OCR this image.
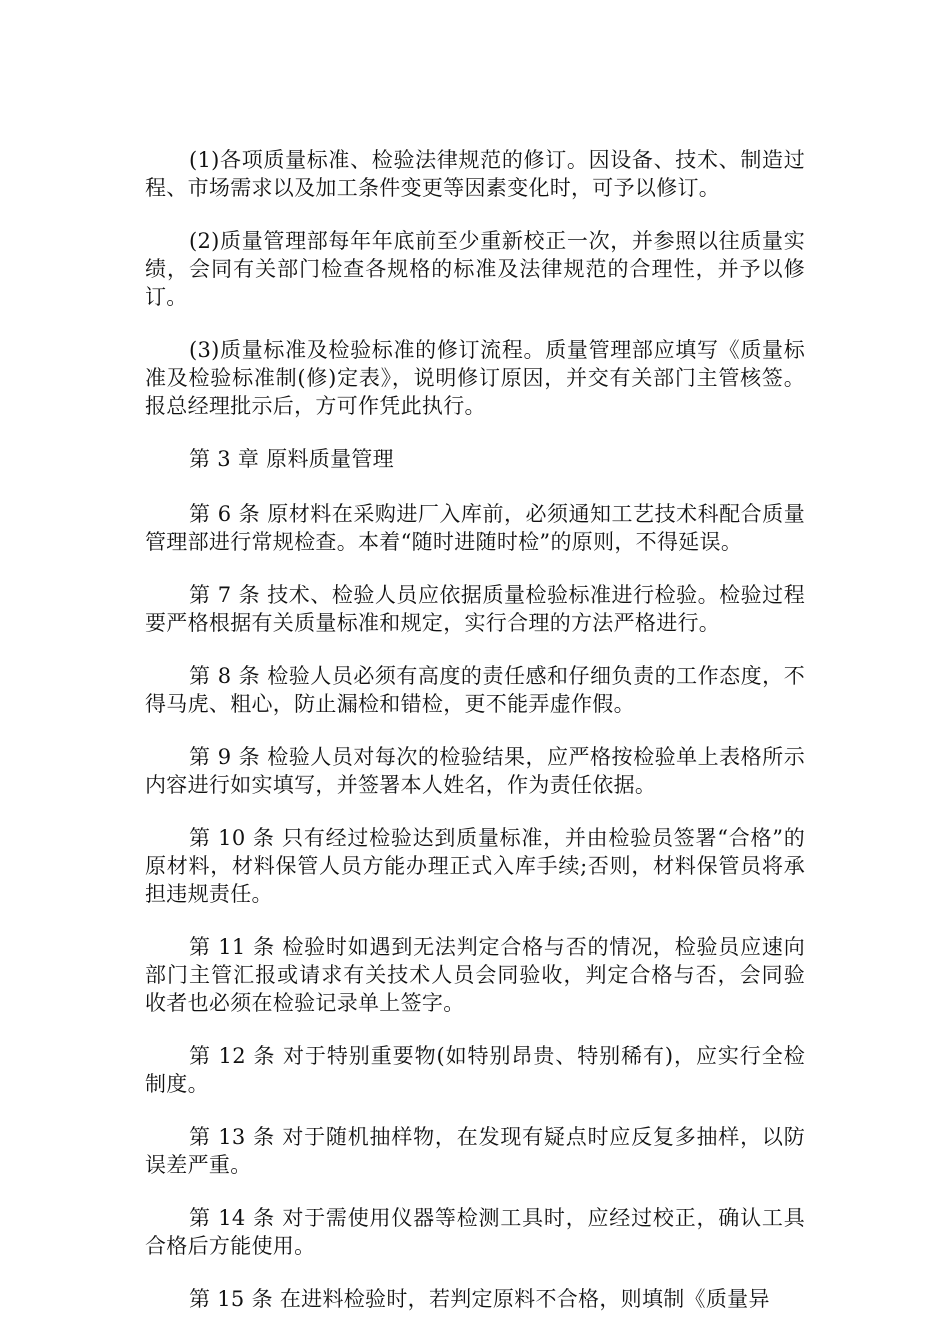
(1)各项质量标准、检验法律规范的修订。因设备、技术、制造过程、市场需求以及加工条件变更等因素变化时，可予以修订。

(2)质量管理部每年年底前至少重新校正一次，并参照以往质量实绩，会同有关部门检查各规格的标准及法律规范的合理性，并予以修订。

(3)质量标准及检验标准的修订流程。质量管理部应填写《质量标准及检验标准制(修)定表》，说明修订原因，并交有关部门主管核签。报总经理批示后，方可作凭此执行。

第 3 章 原料质量管理

第 6 条 原材料在采购进厂入库前，必须通知工艺技术科配合质量管理部进行常规检查。本着“随时进随时检”的原则，不得延误。

第 7 条 技术、检验人员应依据质量检验标准进行检验。检验过程要严格根据有关质量标准和规定，实行合理的方法严格进行。

第 8 条 检验人员必须有高度的责任感和仔细负责的工作态度，不得马虎、粗心，防止漏检和错检，更不能弄虚作假。

第 9 条 检验人员对每次的检验结果，应严格按检验单上表格所示内容进行如实填写，并签署本人姓名，作为责任依据。

第 10 条 只有经过检验达到质量标准，并由检验员签署“合格”的原材料，材料保管人员方能办理正式入库手续;否则，材料保管员将承担违规责任。

第 11 条 检验时如遇到无法判定合格与否的情况，检验员应速向部门主管汇报或请求有关技术人员会同验收，判定合格与否，会同验收者也必须在检验记录单上签字。

第 12 条 对于特别重要物(如特别昂贵、特别稀有)，应实行全检制度。

第 13 条 对于随机抽样物，在发现有疑点时应反复多抽样，以防误差严重。

第 14 条 对于需使用仪器等检测工具时，应经过校正，确认工具合格后方能使用。

第 15 条 在进料检验时，若判定原料不合格，则填制《质量异
